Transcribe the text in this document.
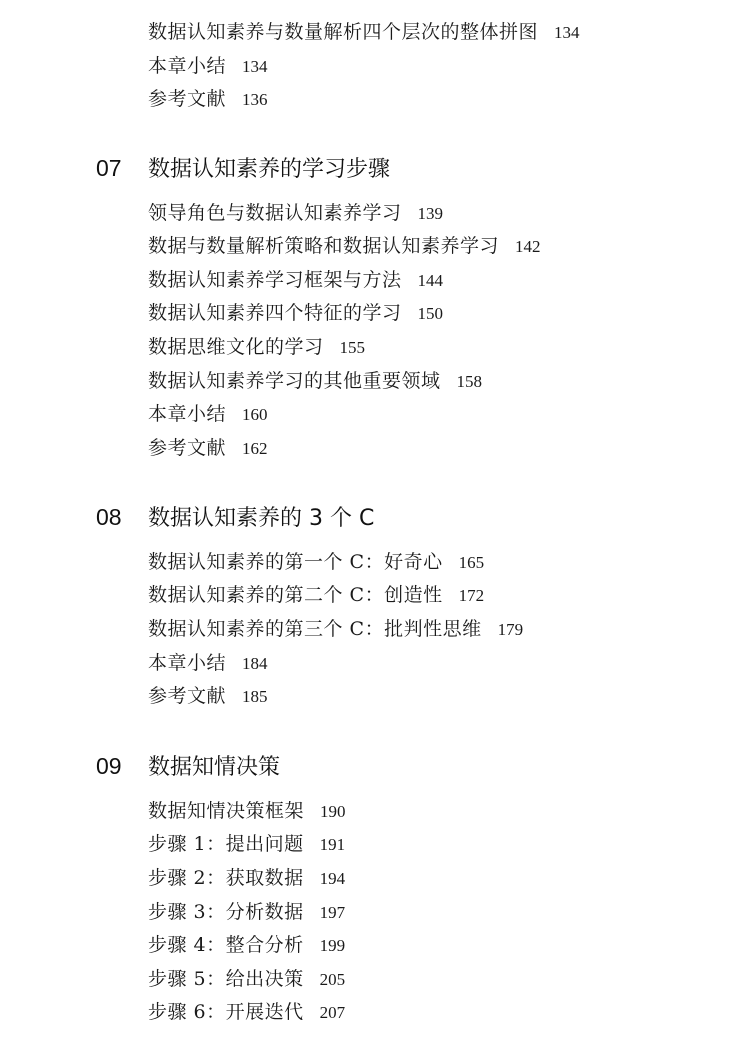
数据认知素养与数量解析四个层次的整体拼图 134
本章小结 134
参考文献 136
07 数据认知素养的学习步骤
领导角色与数据认知素养学习 139
数据与数量解析策略和数据认知素养学习 142
数据认知素养学习框架与方法 144
数据认知素养四个特征的学习 150
数据思维文化的学习 155
数据认知素养学习的其他重要领域 158
本章小结 160
参考文献 162
08 数据认知素养的 3 个 C
数据认知素养的第一个 C：好奇心 165
数据认知素养的第二个 C：创造性 172
数据认知素养的第三个 C：批判性思维 179
本章小结 184
参考文献 185
09 数据知情决策
数据知情决策框架 190
步骤 1：提出问题 191
步骤 2：获取数据 194
步骤 3：分析数据 197
步骤 4：整合分析 199
步骤 5：给出决策 205
步骤 6：开展迭代 207
